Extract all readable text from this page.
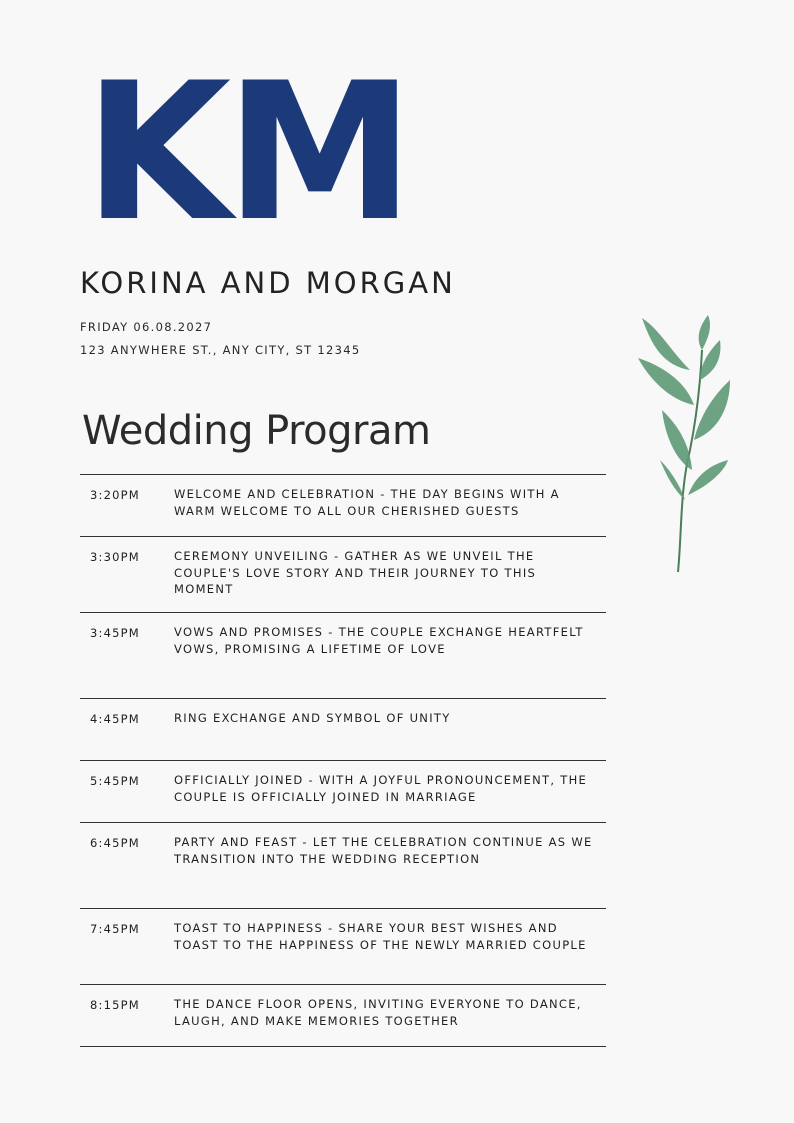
KM
KORINA AND MORGAN
FRIDAY 06.08.2027
123 ANYWHERE ST., ANY CITY, ST 12345
Wedding Program
3:20PM	WELCOME AND CELEBRATION - THE DAY BEGINS WITH A WARM WELCOME TO ALL OUR CHERISHED GUESTS
3:30PM	CEREMONY UNVEILING - GATHER AS WE UNVEIL THE COUPLE'S LOVE STORY AND THEIR JOURNEY TO THIS MOMENT
3:45PM	VOWS AND PROMISES - THE COUPLE EXCHANGE HEARTFELT VOWS, PROMISING A LIFETIME OF LOVE
4:45PM	RING EXCHANGE AND SYMBOL OF UNITY
5:45PM	OFFICIALLY JOINED - WITH A JOYFUL PRONOUNCEMENT, THE COUPLE IS OFFICIALLY JOINED IN MARRIAGE
6:45PM	PARTY AND FEAST - LET THE CELEBRATION CONTINUE AS WE TRANSITION INTO THE WEDDING RECEPTION
7:45PM	TOAST TO HAPPINESS - SHARE YOUR BEST WISHES AND TOAST TO THE HAPPINESS OF THE NEWLY MARRIED COUPLE
8:15PM	THE DANCE FLOOR OPENS, INVITING EVERYONE TO DANCE, LAUGH, AND MAKE MEMORIES TOGETHER
